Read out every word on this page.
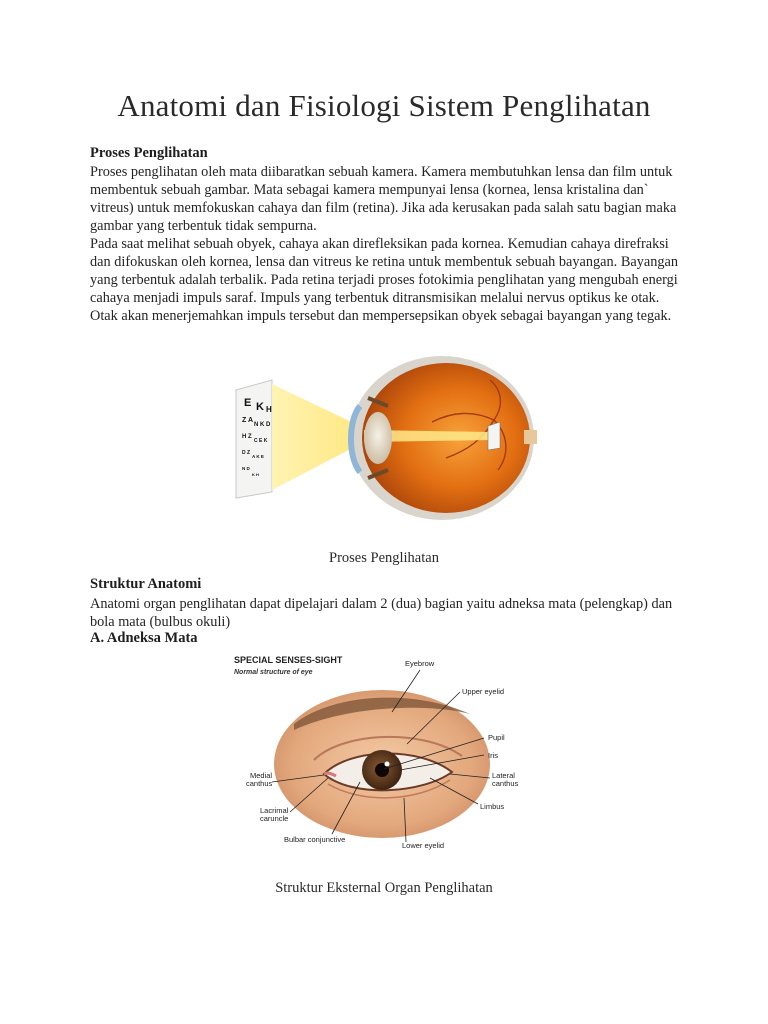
Anatomi dan Fisiologi Sistem Penglihatan

Proses Penglihatan

Proses penglihatan oleh mata diibaratkan sebuah kamera. Kamera membutuhkan lensa dan film untuk membentuk sebuah gambar. Mata sebagai kamera mempunyai lensa (kornea, lensa kristalina dan` vitreus) untuk memfokuskan cahaya dan film (retina). Jika ada kerusakan pada salah satu bagian maka gambar yang terbentuk tidak sempurna.

Pada saat melihat sebuah obyek, cahaya akan direfleksikan pada kornea. Kemudian cahaya direfraksi dan difokuskan oleh kornea, lensa dan vitreus ke retina untuk membentuk sebuah bayangan. Bayangan yang terbentuk adalah terbalik. Pada retina terjadi proses fotokimia penglihatan yang mengubah energi cahaya menjadi impuls saraf. Impuls yang terbentuk ditransmisikan melalui nervus optikus ke otak. Otak akan menerjemahkan impuls tersebut dan mempersepsikan obyek sebagai bayangan yang tegak.

E K H
Z A
N K D
H Z
C E K
D Z
A K E
N D
K H

Proses Penglihatan

Struktur Anatomi

Anatomi organ penglihatan dapat dipelajari dalam 2 (dua) bagian yaitu adneksa mata (pelengkap) dan bola mata (bulbus okuli)

A. Adneksa Mata

SPECIAL SENSES-SIGHT
Normal structure of eye
Eyebrow
Upper eyelid
Pupil
Iris
Lateral
canthus
Limbus
Lower eyelid
Bulbar conjunctive
Lacrimal
caruncle
Medial
canthus

Struktur Eksternal Organ Penglihatan
